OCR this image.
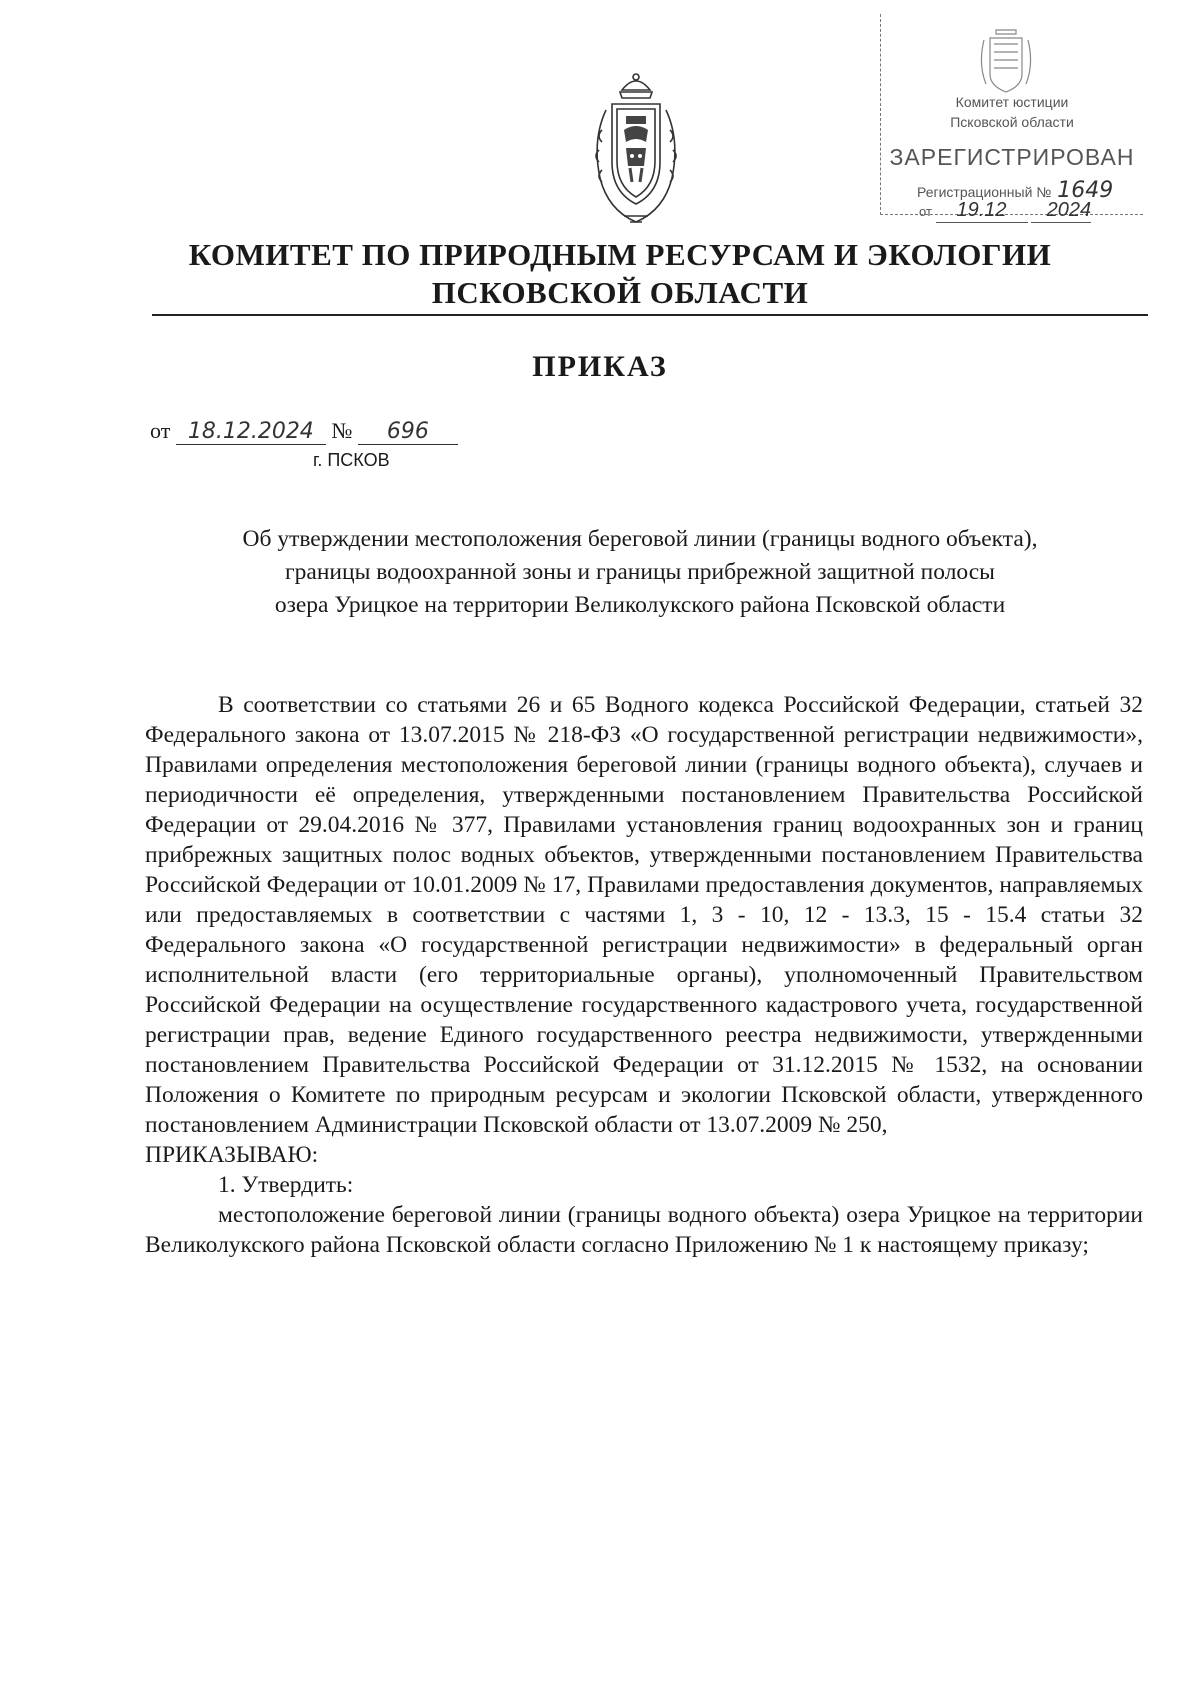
Комитет юстиции
Псковской области
ЗАРЕГИСТРИРОВАН
Регистрационный № 1649
от 19.12 2024
КОМИТЕТ ПО ПРИРОДНЫМ РЕСУРСАМ И ЭКОЛОГИИ
ПСКОВСКОЙ ОБЛАСТИ
ПРИКАЗ
от 18.12.2024 № 696
г. ПСКОВ
Об утверждении местоположения береговой линии (границы водного объекта),
границы водоохранной зоны и границы прибрежной защитной полосы
озера Урицкое на территории Великолукского района Псковской области

В соответствии со статьями 26 и 65 Водного кодекса Российской Федерации, статьей 32 Федерального закона от 13.07.2015 № 218-ФЗ «О государственной регистрации недвижимости», Правилами определения местоположения береговой линии (границы водного объекта), случаев и периодичности её определения, утвержденными постановлением Правительства Российской Федерации от 29.04.2016 № 377, Правилами установления границ водоохранных зон и границ прибрежных защитных полос водных объектов, утвержденными постановлением Правительства Российской Федерации от 10.01.2009 № 17, Правилами предоставления документов, направляемых или предоставляемых в соответствии с частями 1, 3 - 10, 12 - 13.3, 15 - 15.4 статьи 32 Федерального закона «О государственной регистрации недвижимости» в федеральный орган исполнительной власти (его территориальные органы), уполномоченный Правительством Российской Федерации на осуществление государственного кадастрового учета, государственной регистрации прав, ведение Единого государственного реестра недвижимости, утвержденными постановлением Правительства Российской Федерации от 31.12.2015 № 1532, на основании Положения о Комитете по природным ресурсам и экологии Псковской области, утвержденного постановлением Администрации Псковской области от 13.07.2009 № 250,

ПРИКАЗЫВАЮ:

1. Утвердить:

местоположение береговой линии (границы водного объекта) озера Урицкое на территории Великолукского района Псковской области согласно Приложению № 1 к настоящему приказу;
